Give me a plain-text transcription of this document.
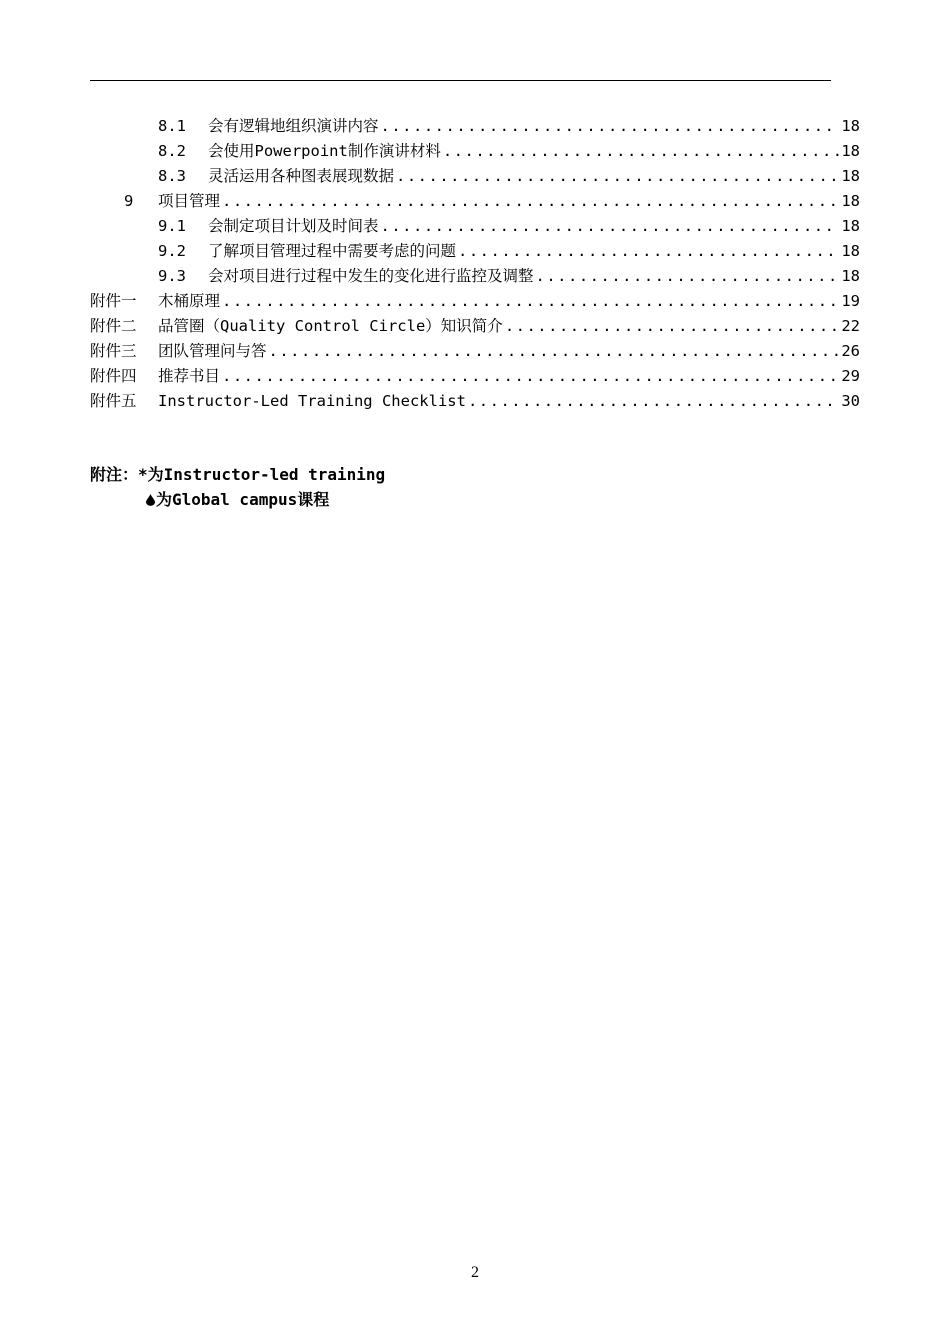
8.1	会有逻辑地组织演讲内容 .....	18
8.2	会使用Powerpoint制作演讲材料 .....	18
8.3	灵活运用各种图表展现数据 .....	18
9	项目管理 .....	18
9.1	会制定项目计划及时间表 .....	18
9.2	了解项目管理过程中需要考虑的问题 .....	18
9.3	会对项目进行过程中发生的变化进行监控及调整 .....	18
附件一	木桶原理 .....	19
附件二	品管圈（Quality Control Circle）知识简介 .....	22
附件三	团队管理问与答 .....	26
附件四	推荐书目 .....	29
附件五	Instructor-Led Training Checklist .....	30
附注：*为Instructor-led training
为Global campus课程
2
